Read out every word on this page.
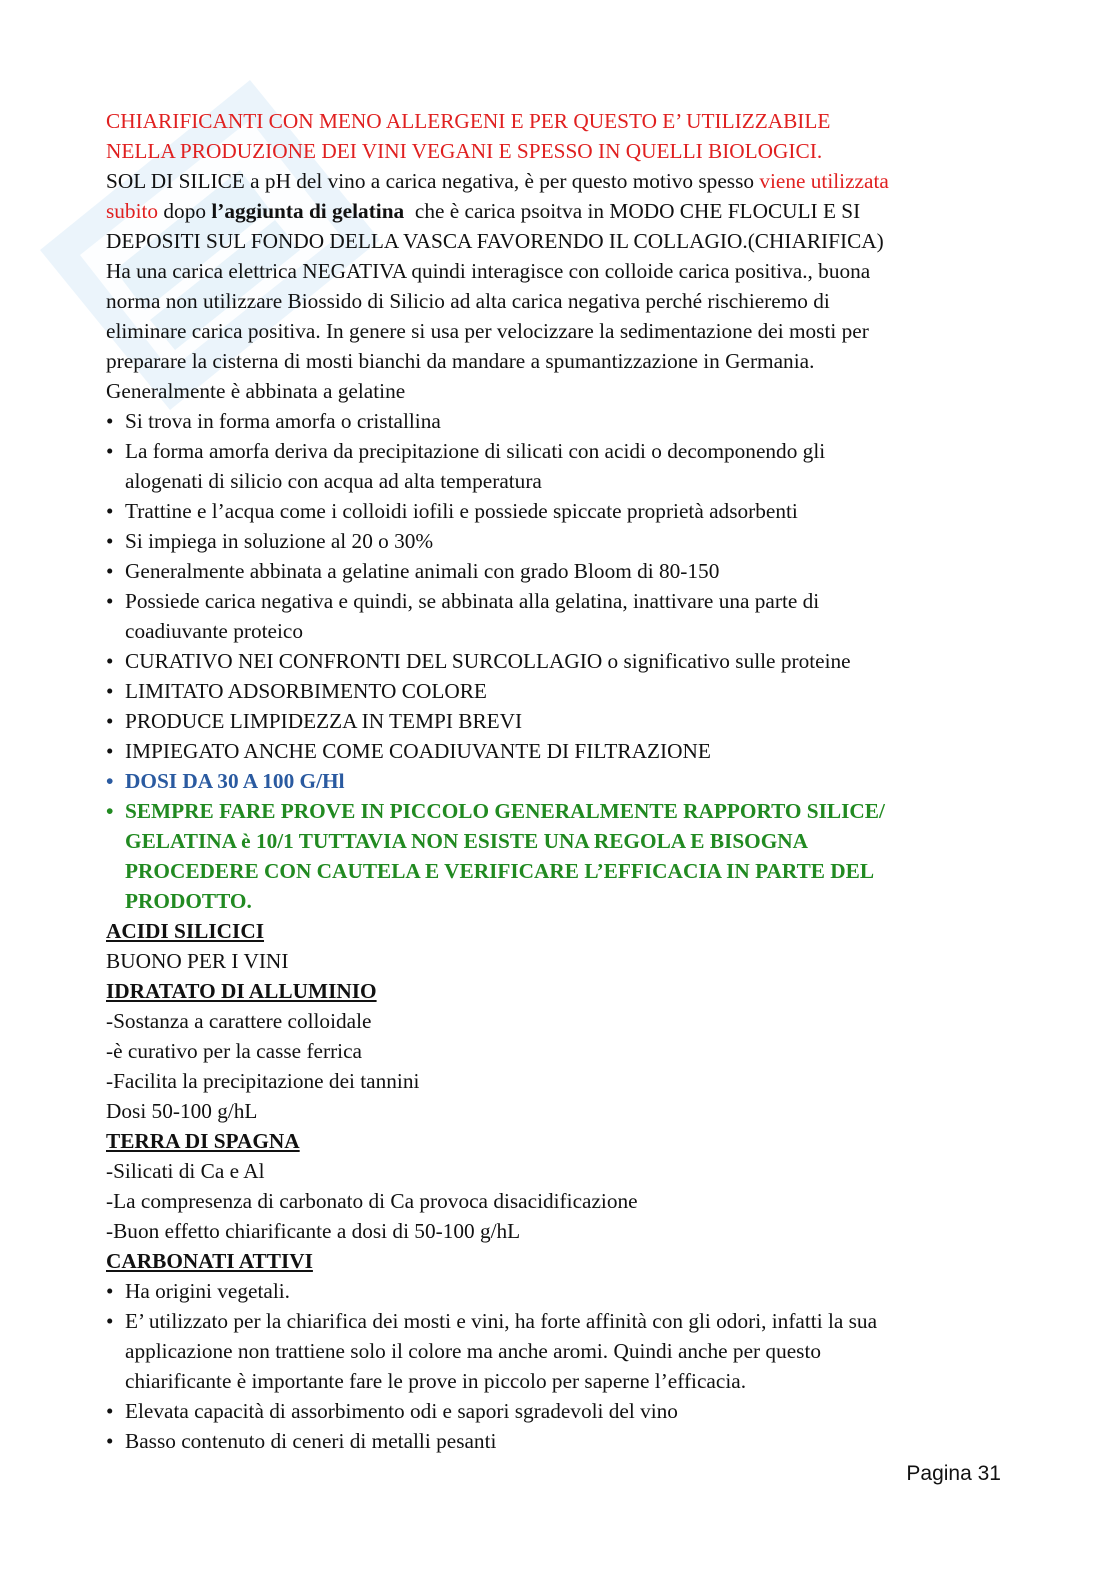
CHIARIFICANTI CON MENO ALLERGENI E PER QUESTO E’ UTILIZZABILE

NELLA PRODUZIONE DEI VINI VEGANI E SPESSO IN QUELLI BIOLOGICI.

SOL DI SILICE a pH del vino a carica negativa, è per questo motivo spesso viene utilizzata

subito dopo l’aggiunta di gelatina  che è carica psoitva in MODO CHE FLOCULI E SI

DEPOSITI SUL FONDO DELLA VASCA FAVORENDO IL COLLAGIO.(CHIARIFICA)

Ha una carica elettrica NEGATIVA quindi interagisce con colloide carica positiva., buona

norma non utilizzare Biossido di Silicio ad alta carica negativa perché rischieremo di

eliminare carica positiva. In genere si usa per velocizzare la sedimentazione dei mosti per

preparare la cisterna di mosti bianchi da mandare a spumantizzazione in Germania.

Generalmente è abbinata a gelatine

• Si trova in forma amorfa o cristallina
• La forma amorfa deriva da precipitazione di silicati con acidi o decomponendo gli
alogenati di silicio con acqua ad alta temperatura
• Trattine e l’acqua come i colloidi iofili e possiede spiccate proprietà adsorbenti
• Si impiega in soluzione al 20 o 30%
• Generalmente abbinata a gelatine animali con grado Bloom di 80-150
• Possiede carica negativa e quindi, se abbinata alla gelatina, inattivare una parte di
coadiuvante proteico
• CURATIVO NEI CONFRONTI DEL SURCOLLAGIO o significativo sulle proteine
• LIMITATO ADSORBIMENTO COLORE
• PRODUCE LIMPIDEZZA IN TEMPI BREVI
• IMPIEGATO ANCHE COME COADIUVANTE DI FILTRAZIONE
• DOSI DA 30 A 100 G/Hl
• SEMPRE FARE PROVE IN PICCOLO GENERALMENTE RAPPORTO SILICE/
GELATINA è 10/1 TUTTAVIA NON ESISTE UNA REGOLA E BISOGNA
PROCEDERE CON CAUTELA E VERIFICARE L’EFFICACIA IN PARTE DEL
PRODOTTO.

ACIDI SILICICI

BUONO PER I VINI

IDRATATO DI ALLUMINIO

-Sostanza a carattere colloidale

-è curativo per la casse ferrica

-Facilita la precipitazione dei tannini

Dosi 50-100 g/hL

TERRA DI SPAGNA

-Silicati di Ca e Al

-La compresenza di carbonato di Ca provoca disacidificazione

-Buon effetto chiarificante a dosi di 50-100 g/hL

CARBONATI ATTIVI

• Ha origini vegetali.
• E’ utilizzato per la chiarifica dei mosti e vini, ha forte affinità con gli odori, infatti la sua
applicazione non trattiene solo il colore ma anche aromi. Quindi anche per questo
chiarificante è importante fare le prove in piccolo per saperne l’efficacia.
• Elevata capacità di assorbimento odi e sapori sgradevoli del vino
• Basso contenuto di ceneri di metalli pesanti
Pagina 31
